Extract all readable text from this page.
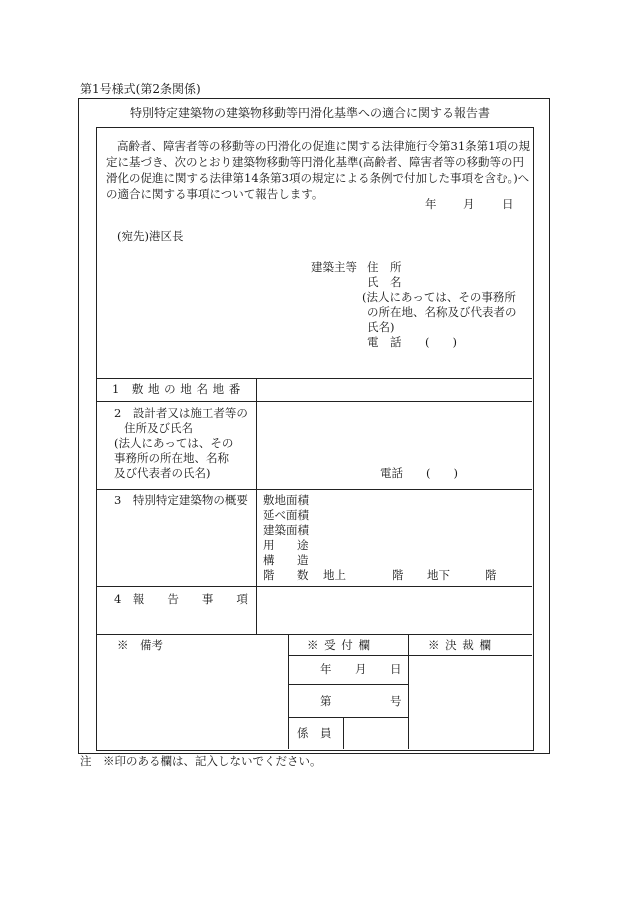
第1号様式(第2条関係)
特別特定建築物の建築物移動等円滑化基準への適合に関する報告書
高齢者、障害者等の移動等の円滑化の促進に関する法律施行令第31条第1項の規定に基づき、次のとおり建築物移動等円滑化基準(高齢者、障害者等の移動等の円滑化の促進に関する法律第14条第3項の規定による条例で付加した事項を含む。)への適合に関する事項について報告します。
年 月 日
(宛先)港区長
建築主等 住　所
氏　名
(法人にあっては、その事務所
の所在地、名称及び代表者の
氏名)
電　話 (　　)
1　敷 地 の 地 名 地 番
2　設計者又は施工者等の
住所及び氏名
(法人にあっては、その
事務所の所在地、名称
及び代表者の氏名)	電話　　(　　)
3　特別特定建築物の概要 敷地面積
延べ面積
建築面積
用 途
構 造
階 数 地上	階 地下	階
4　報　　告　　事　　項
※　備考	※ 受 付 欄	※ 決 裁 欄
年 月 日
第	号
係　員
注　※印のある欄は、記入しないでください。
